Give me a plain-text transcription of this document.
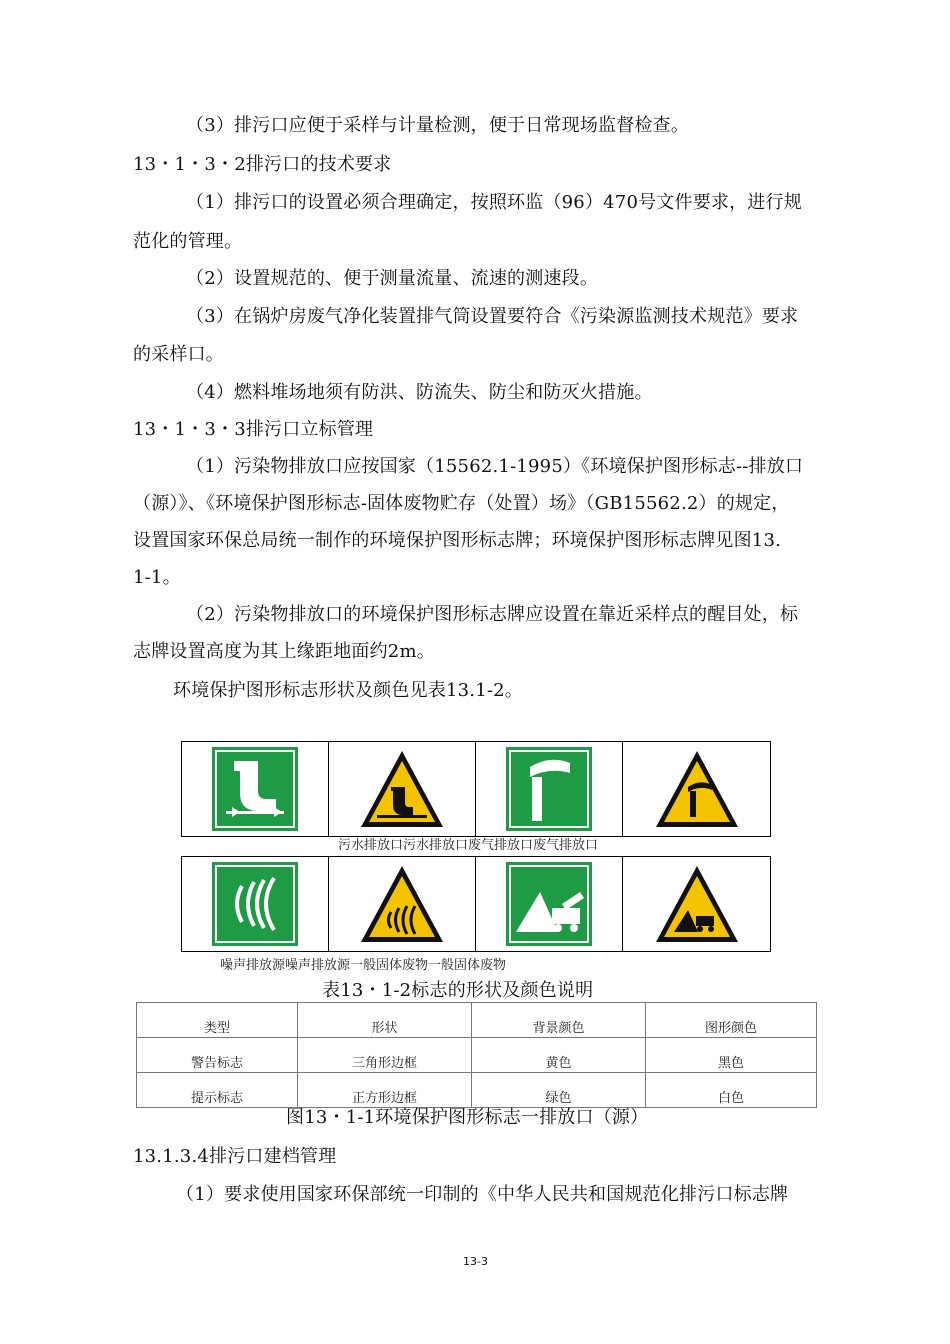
（3）排污口应便于采样与计量检测，便于日常现场监督检查。
13・1・3・2排污口的技术要求
（1）排污口的设置必须合理确定，按照环监（96）470号文件要求，进行规
范化的管理。
（2）设置规范的、便于测量流量、流速的测速段。
（3）在锅炉房废气净化装置排气筒设置要符合《污染源监测技术规范》要求
的采样口。
（4）燃料堆场地须有防洪、防流失、防尘和防灭火措施。
13・1・3・3排污口立标管理
（1）污染物排放口应按国家（15562.1-1995）《环境保护图形标志--排放口
（源）》、《环境保护图形标志-固体废物贮存（处置）场》（GB15562.2）的规定，
设置国家环保总局统一制作的环境保护图形标志牌；环境保护图形标志牌见图13.
1-1。
（2）污染物排放口的环境保护图形标志牌应设置在靠近采样点的醒目处，标
志牌设置高度为其上缘距地面约2m。
环境保护图形标志形状及颜色见表13.1-2。
污水排放口污水排放口废气排放口废气排放口
噪声排放源噪声排放源一般固体废物一般固体废物
表13・1-2标志的形状及颜色说明
类型	形状	背景颜色	图形颜色
警告标志	三角形边框	黄色	黑色
提示标志	正方形边框	绿色	白色
图13・1-1环境保护图形标志一排放口（源）
13.1.3.4排污口建档管理
（1）要求使用国家环保部统一印制的《中华人民共和国规范化排污口标志牌
13-3
